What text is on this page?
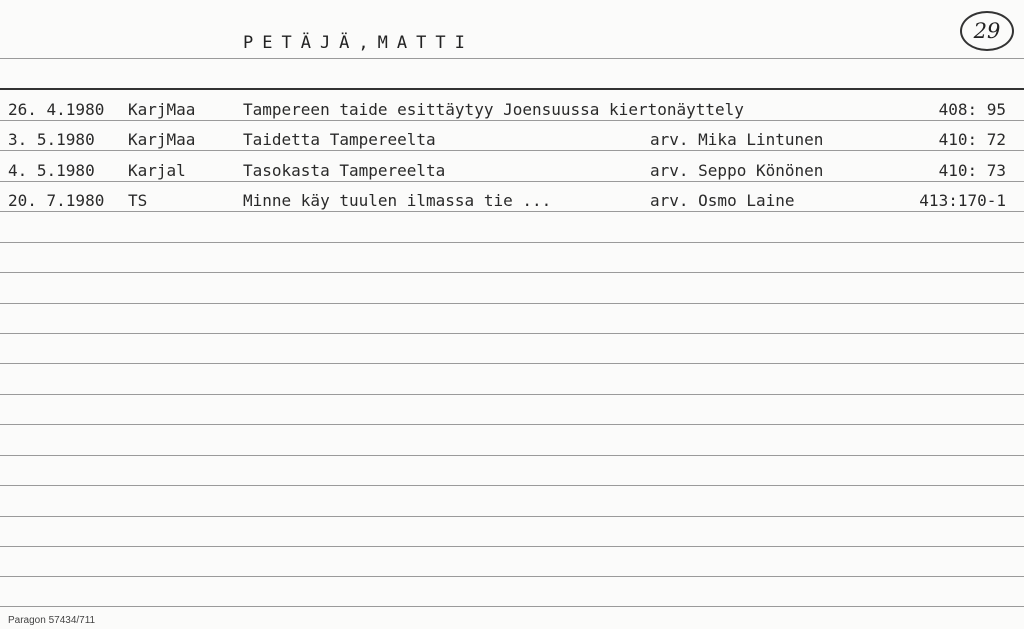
PETÄJÄ,MATTI	29
26. 4.1980 KarjMaa	Tampereen taide esittäytyy Joensuussa kiertonäyttely	408: 95
3. 5.1980 KarjMaa	Taidetta Tampereelta	arv. Mika Lintunen	410: 72
4. 5.1980 Karjal	Tasokasta Tampereelta	arv. Seppo Könönen	410: 73
20. 7.1980 TS	Minne käy tuulen ilmassa tie ...	arv. Osmo Laine	413:170-1
Paragon 57434/711
